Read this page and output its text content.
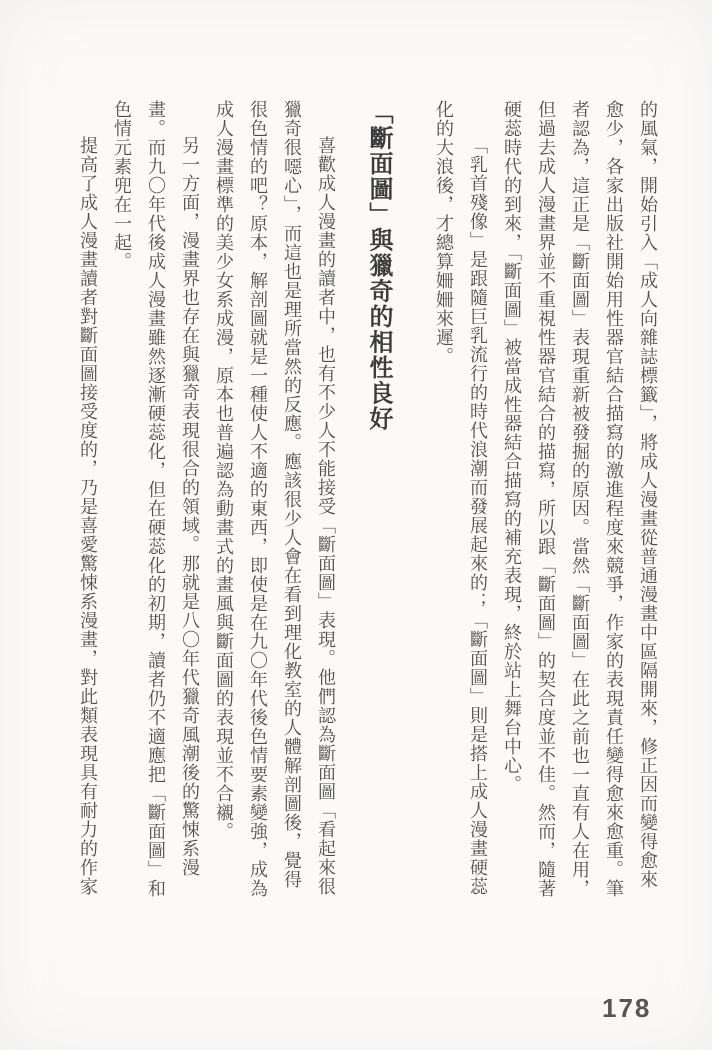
的風氣，開始引入「成人向雜誌標籤」，將成人漫畫從普通漫畫中區隔開來，修正因而變得愈來愈少，各家出版社開始用性器官結合描寫的激進程度來競爭，作家的表現責任變得愈來愈重。筆者認為，這正是「斷面圖」表現重新被發掘的原因。當然「斷面圖」在此之前也一直有人在用，但過去成人漫畫界並不重視性器官結合的描寫，所以跟「斷面圖」的契合度並不佳。然而，隨著硬蕊時代的到來，「斷面圖」被當成性器結合描寫的補充表現，終於站上舞台中心。

「乳首殘像」是跟隨巨乳流行的時代浪潮而發展起來的；「斷面圖」則是搭上成人漫畫硬蕊化的大浪後，才總算姍姍來遲。

「斷面圖」與獵奇的相性良好

喜歡成人漫畫的讀者中，也有不少人不能接受「斷面圖」表現。他們認為斷面圖「看起來很獵奇很噁心」，而這也是理所當然的反應。應該很少人會在看到理化教室的人體解剖圖後，覺得很色情的吧？原本，解剖圖就是一種使人不適的東西，即使是在九〇年代後色情要素變強，成為成人漫畫標準的美少女系成漫，原本也普遍認為動畫式的畫風與斷面圖的表現並不合襯。

另一方面，漫畫界也存在與獵奇表現很合的領域。那就是八〇年代獵奇風潮後的驚悚系漫畫。而九〇年代後成人漫畫雖然逐漸硬蕊化，但在硬蕊化的初期，讀者仍不適應把「斷面圖」和色情元素兜在一起。

提高了成人漫畫讀者對斷面圖接受度的，乃是喜愛驚悚系漫畫，對此類表現具有耐力的作家

178
